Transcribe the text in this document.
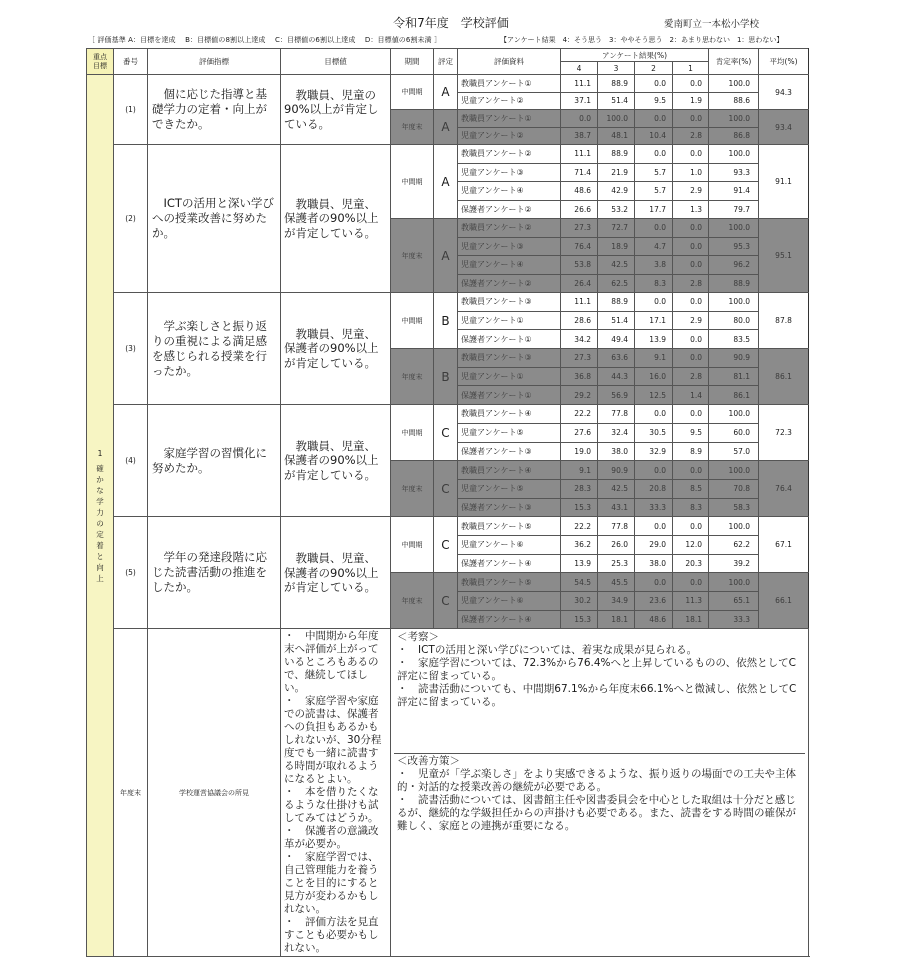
令和7年度　学校評価	愛南町立一本松小学校
［ 評価基準 A：目標を達成　 B：目標値の8割以上達成　 C：目標値の6割以上達成　 D：目標値の6割未満 ］	【アンケート結果　4：そう思う　3：ややそう思う　2：あまり思わない　1：思わない】
重点
目標	番号	評価指標	目標値	期間	評定	評価資料	アンケート結果(%)				肯定率(%)	平均(%)
							4	3	2	1		

1
確
か
な
学
力
の
定
着
と
向
上
	(1)	　個に応じた指導と基礎学力の定着・向上ができたか。	　教職員、児童の90%以上が肯定している。	中間期	A	教職員アンケート①	11.1	88.9	0.0	0.0	100.0	94.3
						児童アンケート②	37.1	51.4	9.5	1.9	88.6	
				年度末	A	教職員アンケート①	0.0	100.0	0.0	0.0	100.0	93.4
						児童アンケート②	38.7	48.1	10.4	2.8	86.8	
	(2)	　ICTの活用と深い学びへの授業改善に努めたか。	　教職員、児童、保護者の90%以上が肯定している。	中間期	A	教職員アンケート②	11.1	88.9	0.0	0.0	100.0	91.1
						児童アンケート③	71.4	21.9	5.7	1.0	93.3	
						児童アンケート④	48.6	42.9	5.7	2.9	91.4	
						保護者アンケート②	26.6	53.2	17.7	1.3	79.7	
				年度末	A	教職員アンケート②	27.3	72.7	0.0	0.0	100.0	95.1
						児童アンケート③	76.4	18.9	4.7	0.0	95.3	
						児童アンケート④	53.8	42.5	3.8	0.0	96.2	
						保護者アンケート②	26.4	62.5	8.3	2.8	88.9	
	(3)	　学ぶ楽しさと振り返りの重視による満足感を感じられる授業を行ったか。	　教職員、児童、保護者の90%以上が肯定している。	中間期	B	教職員アンケート③	11.1	88.9	0.0	0.0	100.0	87.8
						児童アンケート①	28.6	51.4	17.1	2.9	80.0	
						保護者アンケート①	34.2	49.4	13.9	0.0	83.5	
				年度末	B	教職員アンケート③	27.3	63.6	9.1	0.0	90.9	86.1
						児童アンケート①	36.8	44.3	16.0	2.8	81.1	
						保護者アンケート①	29.2	56.9	12.5	1.4	86.1	
	(4)	　家庭学習の習慣化に努めたか。	　教職員、児童、保護者の90%以上が肯定している。	中間期	C	教職員アンケート④	22.2	77.8	0.0	0.0	100.0	72.3
						児童アンケート⑤	27.6	32.4	30.5	9.5	60.0	
						保護者アンケート③	19.0	38.0	32.9	8.9	57.0	
				年度末	C	教職員アンケート④	9.1	90.9	0.0	0.0	100.0	76.4
						児童アンケート⑤	28.3	42.5	20.8	8.5	70.8	
						保護者アンケート③	15.3	43.1	33.3	8.3	58.3	
	(5)	　学年の発達段階に応じた読書活動の推進をしたか。	　教職員、児童、保護者の90%以上が肯定している。	中間期	C	教職員アンケート⑤	22.2	77.8	0.0	0.0	100.0	67.1
						児童アンケート⑥	36.2	26.0	29.0	12.0	62.2	
						保護者アンケート④	13.9	25.3	38.0	20.3	39.2	
				年度末	C	教職員アンケート⑤	54.5	45.5	0.0	0.0	100.0	66.1
						児童アンケート⑥	30.2	34.9	23.6	11.3	65.1	
						保護者アンケート④	15.3	18.1	48.6	18.1	33.3	
年度末	学校運営協議会の所見	

・　中間期から年度末へ評価が上がっているところもあるので、継続してほしい。

・　家庭学習や家庭での読書は、保護者への負担もあるかもしれないが、30分程度でも一緒に読書する時間が取れるようになるとよい。

・　本を借りたくなるような仕掛けも試してみてはどうか。

・　保護者の意識改革が必要か。

・　家庭学習では、自己管理能力を養うことを目的にすると見方が変わるかもしれない。

・　評価方法を見直すことも必要かもしれない。

＜考察＞

・　ICTの活用と深い学びについては、着実な成果が見られる。

・　家庭学習については、72.3%から76.4%へと上昇しているものの、依然としてC評定に留まっている。

・　読書活動についても、中間期67.1%から年度末66.1%へと微減し、依然としてC評定に留まっている。

＜改善方策＞

・　児童が「学ぶ楽しさ」をより実感できるような、振り返りの場面での工夫や主体的・対話的な授業改善の継続が必要である。

・　読書活動については、図書館主任や図書委員会を中心とした取組は十分だと感じるが、継続的な学級担任からの声掛けも必要である。また、読書をする時間の確保が難しく、家庭との連携が重要になる。
